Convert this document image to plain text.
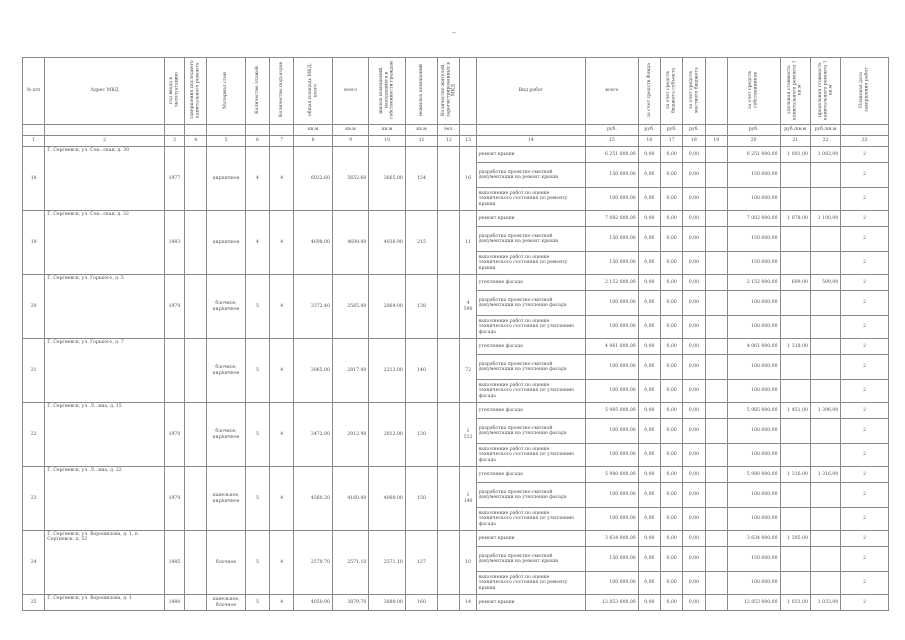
–
№ п/п	Адрес МКД	год ввода в эксплуатацию	завершения последнего капитального ремонта	Материал стен	Количество этажей	Количество подъездов	общая площадь МКД, всего	всего	жилых помещений, находящихся в собственности граждан	нежилых помещений	Количество жителей, зарегистрированных в МКД		Вид работ	всего	за счет средств Фонда	за счет средств бюджета субъекта	за счет средств местного бюджета		за счет средств собственников	удельная стоимость капитального ремонта 1 кв.м	предельная стоимость капитального ремонта 1 кв.м	Плановая дата завершения работ
							кв.м	кв.м	кв.м	кв.м	чел.			руб.	руб.	руб.	руб.		руб.	руб./кв.м	руб./кв.м	
1	2	3	4	5	6	7	8	9	10	11	12	13	14	15	16	17	18	19	20	21	22	23
18	Г. Сергиевск, ул. Сов...ская, д. 30	1977		кирпичное	4	4	6022.60	5652.60	3665.00	154		16	ремонт крыши	6 251 000,00	0,00	0,00	0,00		6 251 000,00	1 001,00	1 082,00	2
													разработка проектно-сметной документации на ремонт крыши	150 000,00	0,00	0,00	0,00		150 000,00			2
													выполнение работ по оценке технического состояния по ремонту крыши	100 000,00	0,00	0,00	0,00		100 000,00			2
19	Г. Сергиевск, ул. Сов...ская, д. 32	1983		кирпичное	4	4	4698.00	4698.00	4038.90	215		11	ремонт крыши	7 082 000,00	0,00	0,00	0,00		7 082 000,00	1 078,00	1 100,00	2
													разработка проектно-сметной документации на ремонт крыши	150 000,00	0,00	0,00	0,00		150 000,00			2
													выполнение работ по оценке технического состояния по ремонту крыши	150 000,00	0,00	0,00	0,00		150 000,00			2
20	Г. Сергиевск, ул. Горького, д. 5	1979		блочное, кирпичное	5	4	3372.40	3565.00	2864.00	138		4 590	утепление фасада	2 152 000,00	0,00	0,00	0,00		2 152 000,00	609,00	509,00	2
													разработка проектно-сметной документации на утепление фасада	100 000,00	0,00	0,00	0,00		100 000,00			2
													выполнение работ по оценке технического состояния по утеплению фасада	100 000,00	0,00	0,00	0,00		100 000,00			2
21	Г. Сергиевск, ул. Горького, д. 7			блочное, кирпичное	5	4	3065.00	2817.00	2213.00	140		72	утепление фасада	4 061 000,00	0,00	0,00	0,00		4 061 000,00	1 318,00		2
													разработка проектно-сметной документации на утепление фасада	100 000,00	0,00	0,00	0,00		100 000,00			2
													выполнение работ по оценке технического состояния по утеплению фасада	100 000,00	0,00	0,00	0,00		100 000,00			2
22	Г. Сергиевск, ул. Л...ина, д. 15	1970		блочное, кирпичное	5	4	3472.90	2912.90	2812.90	130		1 512	утепление фасада	5 985 000,00	0,00	0,00	0,00		5 985 000,00	1 451,00	1 396,00	2
													разработка проектно-сметной документации на утепление фасада	100 000,00	0,00	0,00	0,00		100 000,00			2
													выполнение работ по оценке технического состояния по утеплению фасада	100 000,00	0,00	0,00	0,00		100 000,00			2
23	Г. Сергиевск, ул. Л...ина, д. 22	1979		панельное, кирпичное	5	4	4560.20	4160.00	4060.00	150		1 140	утепление фасада	5 980 000,00	0,00	0,00	0,00		5 980 000,00	1 316,00	1 316,00	2
													разработка проектно-сметной документации на утепление фасада	100 000,00	0,00	0,00	0,00		100 000,00			2
													выполнение работ по оценке технического состояния по утеплению фасада	100 000,00	0,00	0,00	0,00		100 000,00			2
24	Г. Сергиевск, ул. Ворошилова, д. 1, п. Сергиевск, д. 53	1985		блочное	5	4	2570.70	2571.10	2571.10	127		10	ремонт крыши	3 634 000,00	0,00	0,00	0,00		3 634 000,00	1 395,00		2
													разработка проектно-сметной документации на ремонт крыши	150 000,00	0,00	0,00	0,00		150 000,00			2
													выполнение работ по оценке технического состояния по ремонту крыши	100 000,00	0,00	0,00	0,00		100 000,00			2
25	Г. Сергиевск, ул. Ворошилова, д. 1	1980		панельное, блочное	5	4	4050.90	3879.70	3880.00	160		14	ремонт крыши	12 853 000,00	0,00	0,00	0,00		12 853 000,00	1 033,00	1 033,00	2
